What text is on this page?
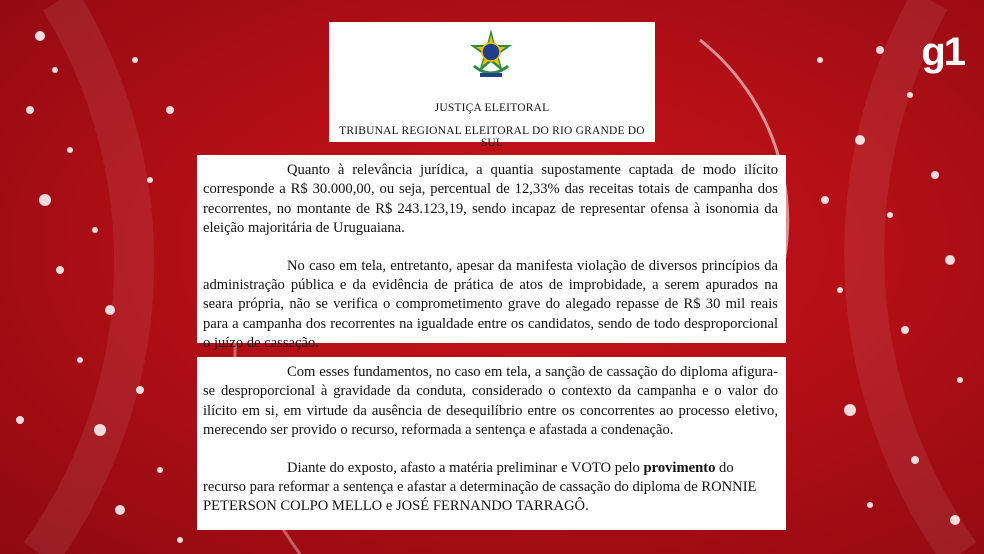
g1
JUSTIÇA ELEITORAL
TRIBUNAL REGIONAL ELEITORAL DO RIO GRANDE DO SUL

Quanto à relevância jurídica, a quantia supostamente captada de modo ilícito corresponde a R$ 30.000,00, ou seja, percentual de 12,33% das receitas totais de campanha dos recorrentes, no montante de R$ 243.123,19, sendo incapaz de representar ofensa à isonomia da eleição majoritária de Uruguaiana.

No caso em tela, entretanto, apesar da manifesta violação de diversos princípios da administração pública e da evidência de prática de atos de improbidade, a serem apurados na seara própria, não se verifica o comprometimento grave do alegado repasse de R$ 30 mil reais para a campanha dos recorrentes na igualdade entre os candidatos, sendo de todo desproporcional o juízo de cassação.

Com esses fundamentos, no caso em tela, a sanção de cassação do diploma afigura-se desproporcional à gravidade da conduta, considerado o contexto da campanha e o valor do ilícito em si, em virtude da ausência de desequilíbrio entre os concorrentes ao processo eletivo, merecendo ser provido o recurso, reformada a sentença e afastada a condenação.

Diante do exposto, afasto a matéria preliminar e VOTO pelo provimento do recurso para reformar a sentença e afastar a determinação de cassação do diploma de RONNIE PETERSON COLPO MELLO e JOSÉ FERNANDO TARRAGÔ.
